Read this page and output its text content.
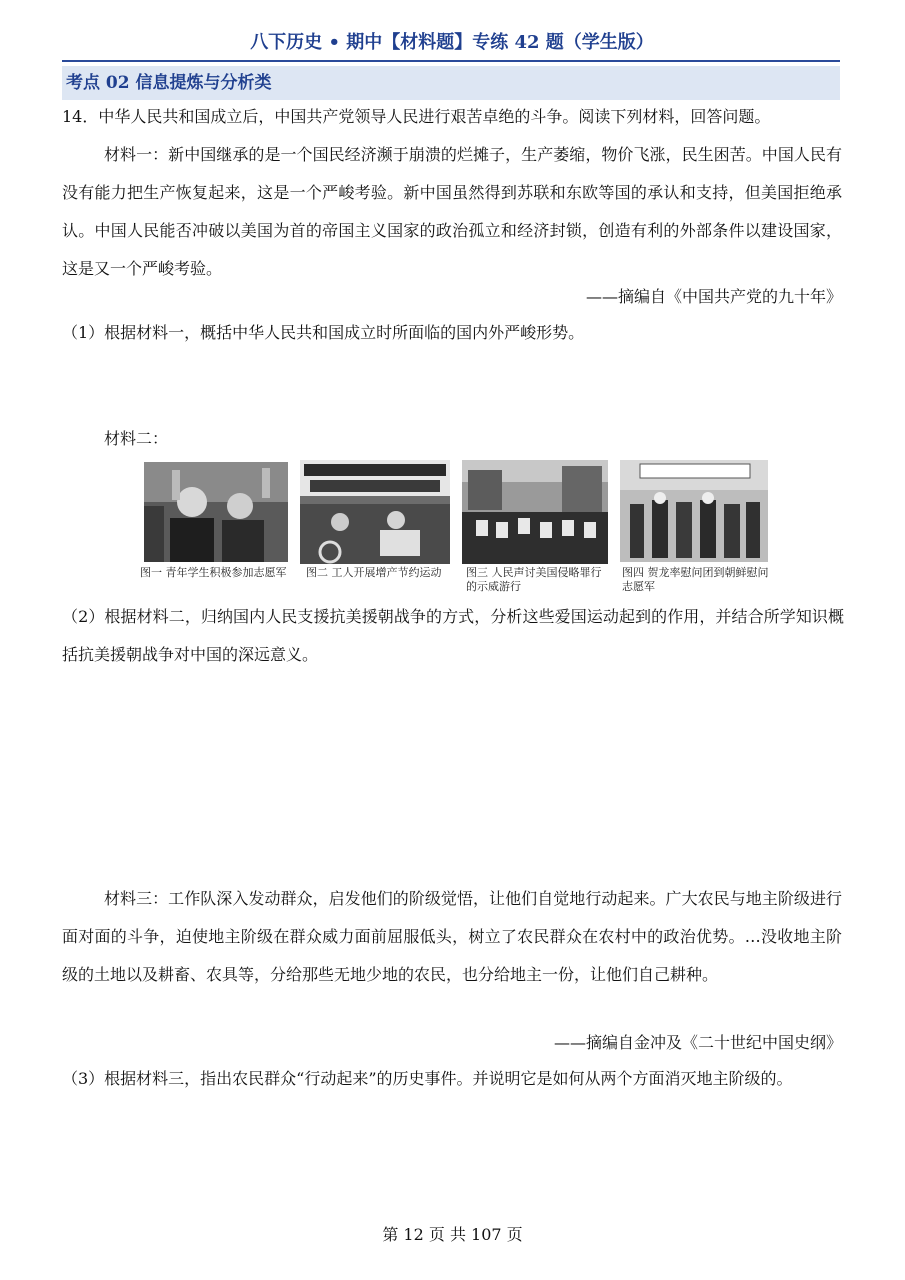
八下历史 • 期中【材料题】专练 42 题（学生版）
考点 02 信息提炼与分析类
14．中华人民共和国成立后，中国共产党领导人民进行艰苦卓绝的斗争。阅读下列材料，回答问题。
材料一：新中国继承的是一个国民经济濒于崩溃的烂摊子，生产萎缩，物价飞涨，民生困苦。中国人民有没有能力把生产恢复起来，这是一个严峻考验。新中国虽然得到苏联和东欧等国的承认和支持，但美国拒绝承认。中国人民能否冲破以美国为首的帝国主义国家的政治孤立和经济封锁，创造有利的外部条件以建设国家，这是又一个严峻考验。
——摘编自《中国共产党的九十年》
（1）根据材料一，概括中华人民共和国成立时所面临的国内外严峻形势。
材料二：
图一 青年学生积极参加志愿军	图二 工人开展增产节约运动	图三 人民声讨美国侵略罪行的示威游行
图四 贺龙率慰问团到朝鲜慰问志愿军
（2）根据材料二，归纳国内人民支援抗美援朝战争的方式，分析这些爱国运动起到的作用，并结合所学知识概括抗美援朝战争对中国的深远意义。
材料三：工作队深入发动群众，启发他们的阶级觉悟，让他们自觉地行动起来。广大农民与地主阶级进行面对面的斗争，迫使地主阶级在群众威力面前屈服低头，树立了农民群众在农村中的政治优势。…没收地主阶级的土地以及耕畜、农具等，分给那些无地少地的农民，也分给地主一份，让他们自己耕种。
——摘编自金冲及《二十世纪中国史纲》
（3）根据材料三，指出农民群众“行动起来”的历史事件。并说明它是如何从两个方面消灭地主阶级的。
第 12 页 共 107 页
